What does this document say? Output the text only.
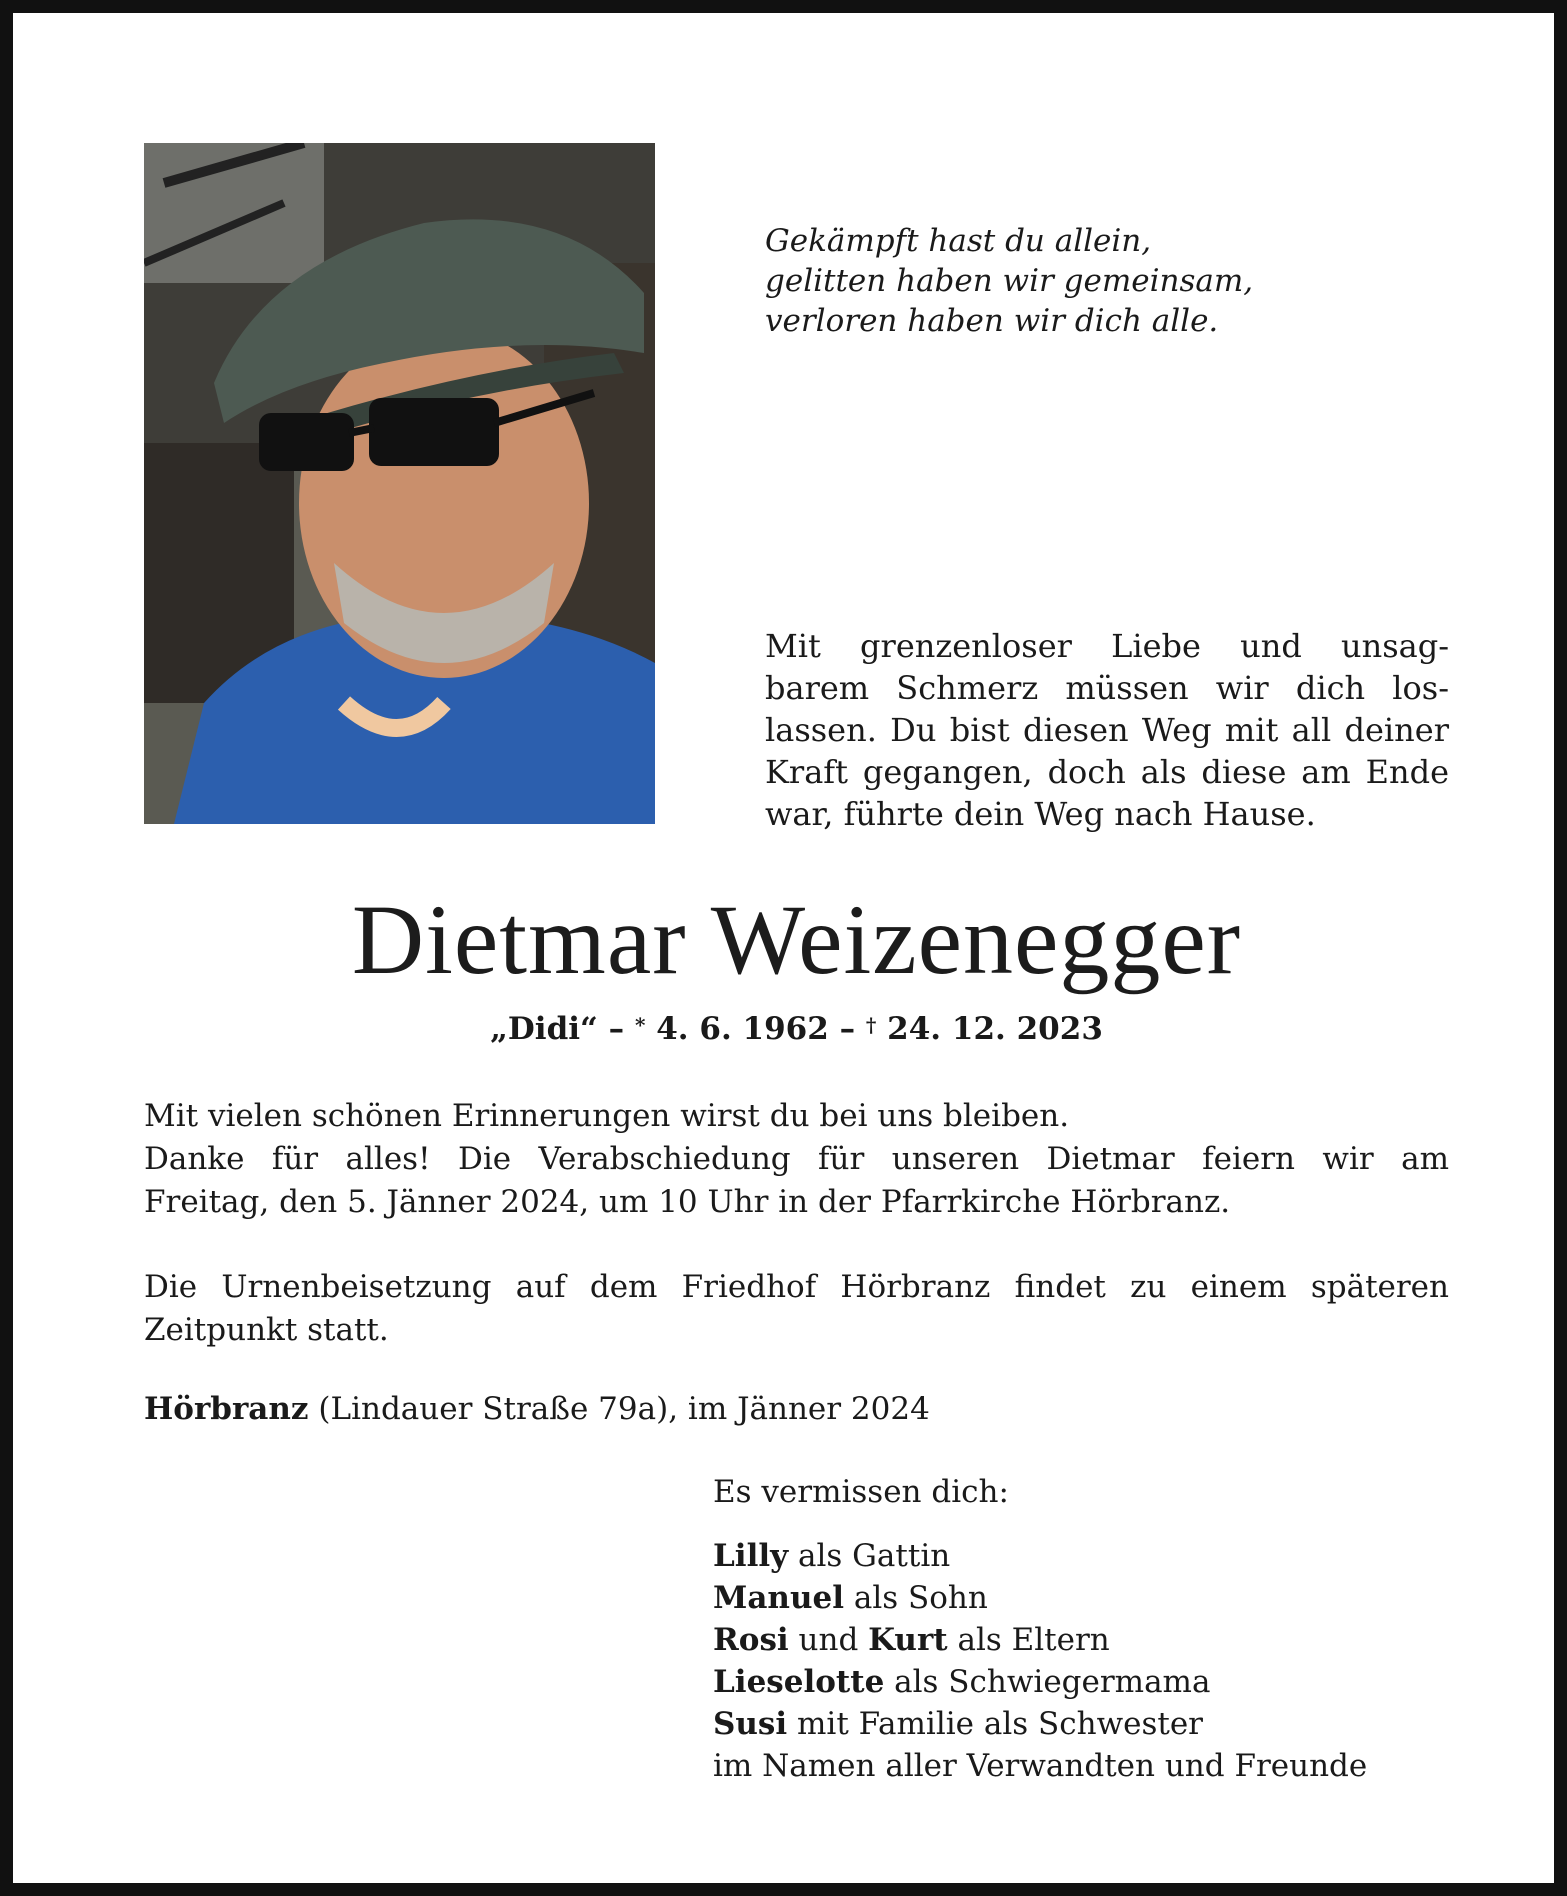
Gekämpft hast du allein,
gelitten haben wir gemeinsam,
verloren haben wir dich alle.
Mit grenzenloser Liebe und unsag-
barem Schmerz müssen wir dich los-
lassen. Du bist diesen Weg mit all deiner
Kraft gegangen, doch als diese am Ende
war, führte dein Weg nach Hause.
Dietmar Weizenegger
„Didi“ – * 4. 6. 1962 – † 24. 12. 2023
Mit vielen schönen Erinnerungen wirst du bei uns bleiben.
Danke für alles! Die Verabschiedung für unseren Dietmar feiern wir am
Freitag, den 5. Jänner 2024, um 10 Uhr in der Pfarrkirche Hörbranz.
Die Urnenbeisetzung auf dem Friedhof Hörbranz findet zu einem späteren
Zeitpunkt statt.
Hörbranz (Lindauer Straße 79a), im Jänner 2024
Es vermissen dich:
Lilly als Gattin
Manuel als Sohn
Rosi und Kurt als Eltern
Lieselotte als Schwiegermama
Susi mit Familie als Schwester
im Namen aller Verwandten und Freunde
